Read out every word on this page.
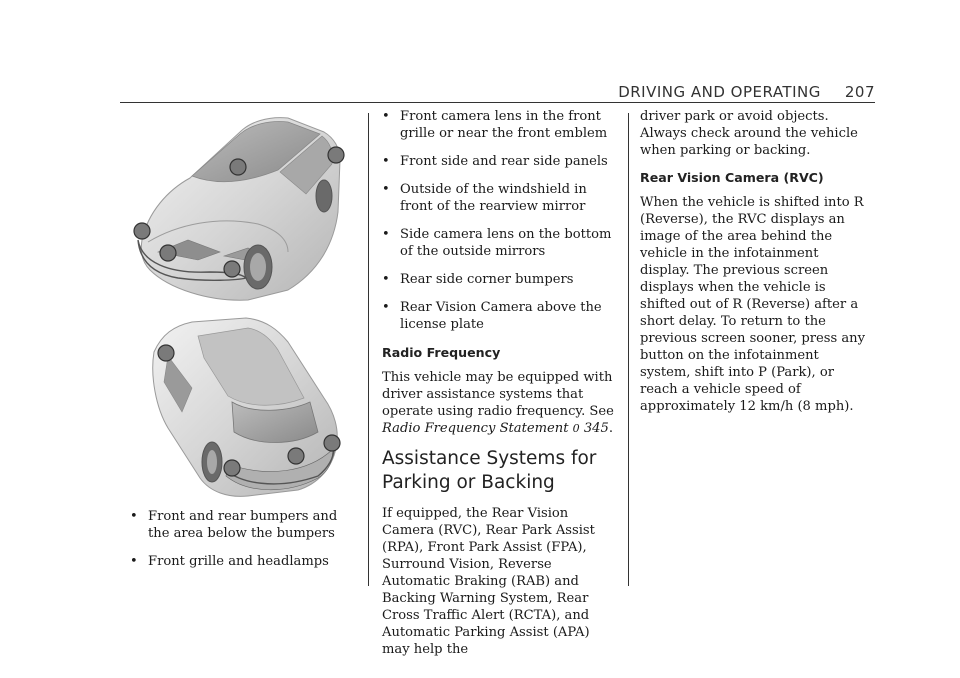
DRIVING AND OPERATING 207
• Front and rear bumpers and the area below the bumpers
• Front grille and headlamps
• Front camera lens in the front grille or near the front emblem
• Front side and rear side panels
• Outside of the windshield in front of the rearview mirror
• Side camera lens on the bottom of the outside mirrors
• Rear side corner bumpers
• Rear Vision Camera above the license plate
Radio Frequency

This vehicle may be equipped with driver assistance systems that operate using radio frequency. See Radio Frequency Statement 0 345.

Assistance Systems for Parking or Backing

If equipped, the Rear Vision Camera (RVC), Rear Park Assist (RPA), Front Park Assist (FPA), Surround Vision, Reverse Automatic Braking (RAB) and Backing Warning System, Rear Cross Traffic Alert (RCTA), and Automatic Parking Assist (APA) may help the

driver park or avoid objects. Always check around the vehicle when parking or backing.

Rear Vision Camera (RVC)

When the vehicle is shifted into R (Reverse), the RVC displays an image of the area behind the vehicle in the infotainment display. The previous screen displays when the vehicle is shifted out of R (Reverse) after a short delay. To return to the previous screen sooner, press any button on the infotainment system, shift into P (Park), or reach a vehicle speed of approximately 12 km/h (8 mph).
